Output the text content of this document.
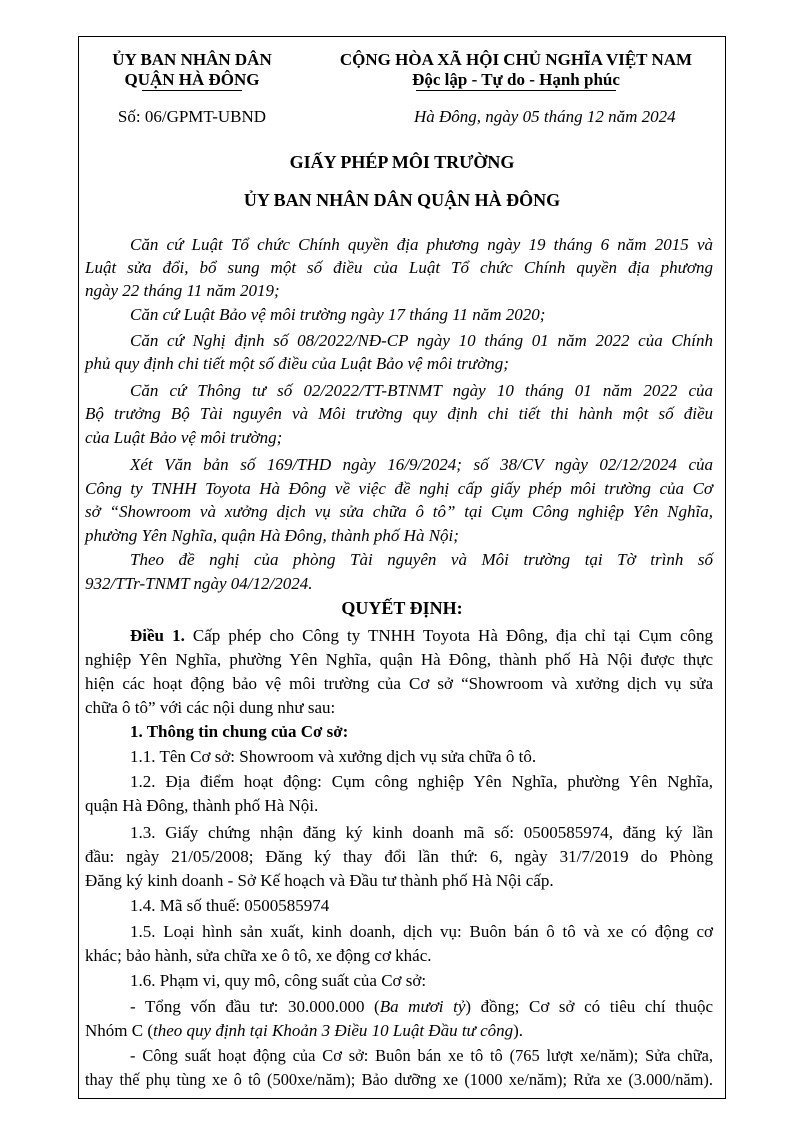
ỦY BAN NHÂN DÂN
QUẬN HÀ ĐÔNG
Số: 06/GPMT-UBND
CỘNG HÒA XÃ HỘI CHỦ NGHĨA VIỆT NAM
Độc lập - Tự do - Hạnh phúc
Hà Đông, ngày 05 tháng 12 năm 2024
GIẤY PHÉP MÔI TRƯỜNG
ỦY BAN NHÂN DÂN QUẬN HÀ ĐÔNG
Căn cứ Luật Tổ chức Chính quyền địa phương ngày 19 tháng 6 năm 2015 và
Luật sửa đổi, bổ sung một số điều của Luật Tổ chức Chính quyền địa phương
ngày 22 tháng 11 năm 2019;
Căn cứ Luật Bảo vệ môi trường ngày 17 tháng 11 năm 2020;
Căn cứ Nghị định số 08/2022/NĐ-CP ngày 10 tháng 01 năm 2022 của Chính
phủ quy định chi tiết một số điều của Luật Bảo vệ môi trường;
Căn cứ Thông tư số 02/2022/TT-BTNMT ngày 10 tháng 01 năm 2022 của
Bộ trưởng Bộ Tài nguyên và Môi trường quy định chi tiết thi hành một số điều
của Luật Bảo vệ môi trường;
Xét Văn bản số 169/THD ngày 16/9/2024; số 38/CV ngày 02/12/2024 của
Công ty TNHH Toyota Hà Đông về việc đề nghị cấp giấy phép môi trường của Cơ
sở “Showroom và xưởng dịch vụ sửa chữa ô tô” tại Cụm Công nghiệp Yên Nghĩa,
phường Yên Nghĩa, quận Hà Đông, thành phố Hà Nội;
Theo đề nghị của phòng Tài nguyên và Môi trường tại Tờ trình số
932/TTr-TNMT ngày 04/12/2024.
QUYẾT ĐỊNH:
Điều 1. Cấp phép cho Công ty TNHH Toyota Hà Đông, địa chỉ tại Cụm công
nghiệp Yên Nghĩa, phường Yên Nghĩa, quận Hà Đông, thành phố Hà Nội được thực
hiện các hoạt động bảo vệ môi trường của Cơ sở “Showroom và xưởng dịch vụ sửa
chữa ô tô” với các nội dung như sau:
1. Thông tin chung của Cơ sở:
1.1. Tên Cơ sở: Showroom và xưởng dịch vụ sửa chữa ô tô.
1.2. Địa điểm hoạt động: Cụm công nghiệp Yên Nghĩa, phường Yên Nghĩa,
quận Hà Đông, thành phố Hà Nội.
1.3. Giấy chứng nhận đăng ký kinh doanh mã số: 0500585974, đăng ký lần
đầu: ngày 21/05/2008; Đăng ký thay đổi lần thứ: 6, ngày 31/7/2019 do Phòng
Đăng ký kinh doanh - Sở Kế hoạch và Đầu tư thành phố Hà Nội cấp.
1.4. Mã số thuế: 0500585974
1.5. Loại hình sản xuất, kinh doanh, dịch vụ: Buôn bán ô tô và xe có động cơ
khác; bảo hành, sửa chữa xe ô tô, xe động cơ khác.
1.6. Phạm vi, quy mô, công suất của Cơ sở:
- Tổng vốn đầu tư: 30.000.000 (Ba mươi tỷ) đồng; Cơ sở có tiêu chí thuộc
Nhóm C (theo quy định tại Khoản 3 Điều 10 Luật Đầu tư công).
- Công suất hoạt động của Cơ sở: Buôn bán xe tô tô (765 lượt xe/năm); Sửa chữa,
thay thế phụ tùng xe ô tô (500xe/năm); Bảo dưỡng xe (1000 xe/năm); Rửa xe (3.000/năm).
